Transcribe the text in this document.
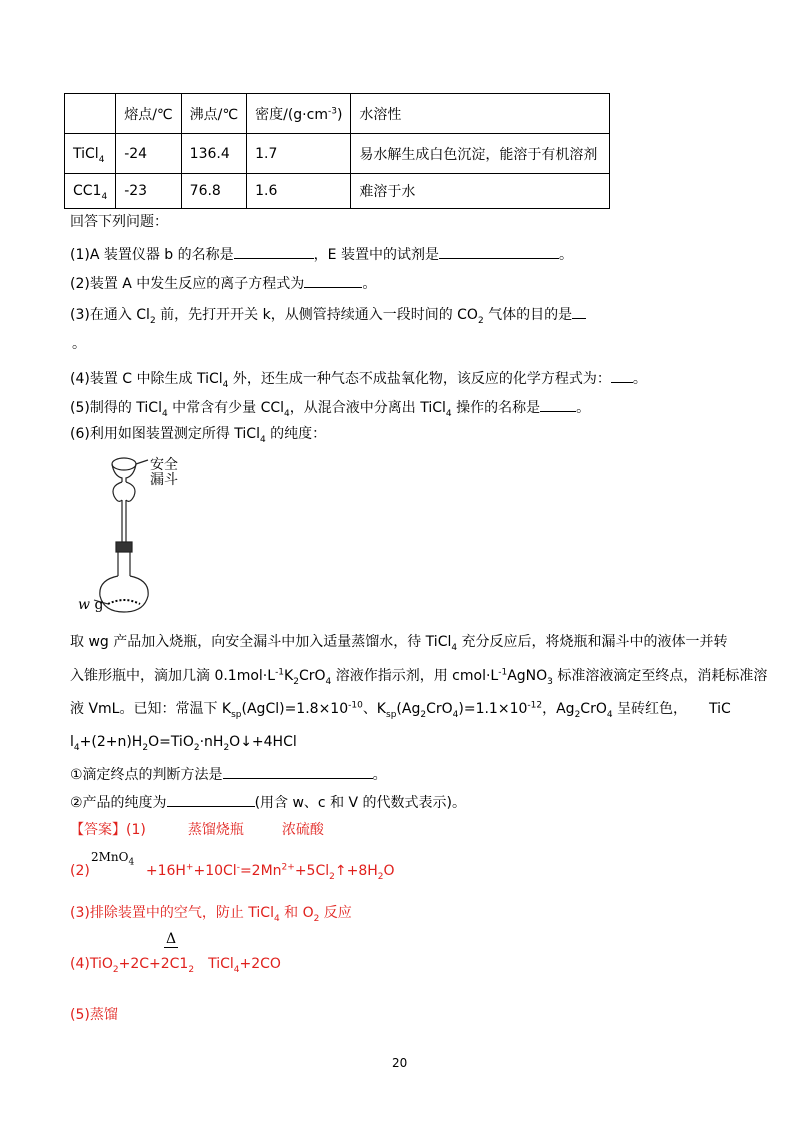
	熔点/℃	沸点/℃	密度$/(g\cdot cm^{-3})$	水溶性
TiCl$_4$	-24	136.4	1.7	易水解生成白色沉淀，能溶于有机溶剂
$CC1_4$	-23	76.8	1.6	难溶于水
回答下列问题：
(1)A 装置仪器 b 的名称是	，E 装置中的试剂是	。
(2)装置 A 中发生反应的离子方程式为	。
(3)在通入 $Cl_2$ 前，先打开开关 k，从侧管持续通入一段时间的 $CO_2$ 气体的目的是
。
(4)装置 C 中除生成 TiCl$_4$ 外，还生成一种气态不成盐氧化物，该反应的化学方程式为： 。
(5)制得的 TiCl$_4$ 中常含有少量 CCl$_4$，从混合液中分离出 TiCl$_4$ 操作的名称是	。
(6)利用如图装置测定所得 TiCl$_4$ 的纯度：
安全
漏斗
w g
取 wg 产品加入烧瓶，向安全漏斗中加入适量蒸馏水，待 TiCl$_4$ 充分反应后，将烧瓶和漏斗中的液体一并转
入锥形瓶中，滴加几滴 $0.1mol\cdot L^{-1}K_2CrO_4$ 溶液作指示剂，用 $cmol\cdot L^{-1}AgNO_3$ 标准溶液滴定至终点，消耗标准溶
液 VmL。已知：常温下 $K_{sp}(AgCl)=1.8\times 10^{-10}$、$K_{sp}(Ag_2CrO_4)=1.1\times 10^{-12}$，$Ag_2CrO_4$ 呈砖红色， TiC
$l_4+(2+n)H_2O=TiO_2\cdot nH_2O↓+4HCl$
①滴定终点的判断方法是	。
②产品的纯度为	(用含 w、c 和 V 的代数式表示)。
【答案】(1)	蒸馏烧瓶	浓硫酸
2MnO$_4$
(2)	$+16H^++10Cl^-=2Mn^{2+}+5Cl_2↑+8H_2O$
(3)排除装置中的空气，防止 TiCl$_4$ 和 $O_2$ 反应
Δ
$(4)TiO_2+2C+2C1_2$ TiCl$_4$+2CO
(5)蒸馏
20
